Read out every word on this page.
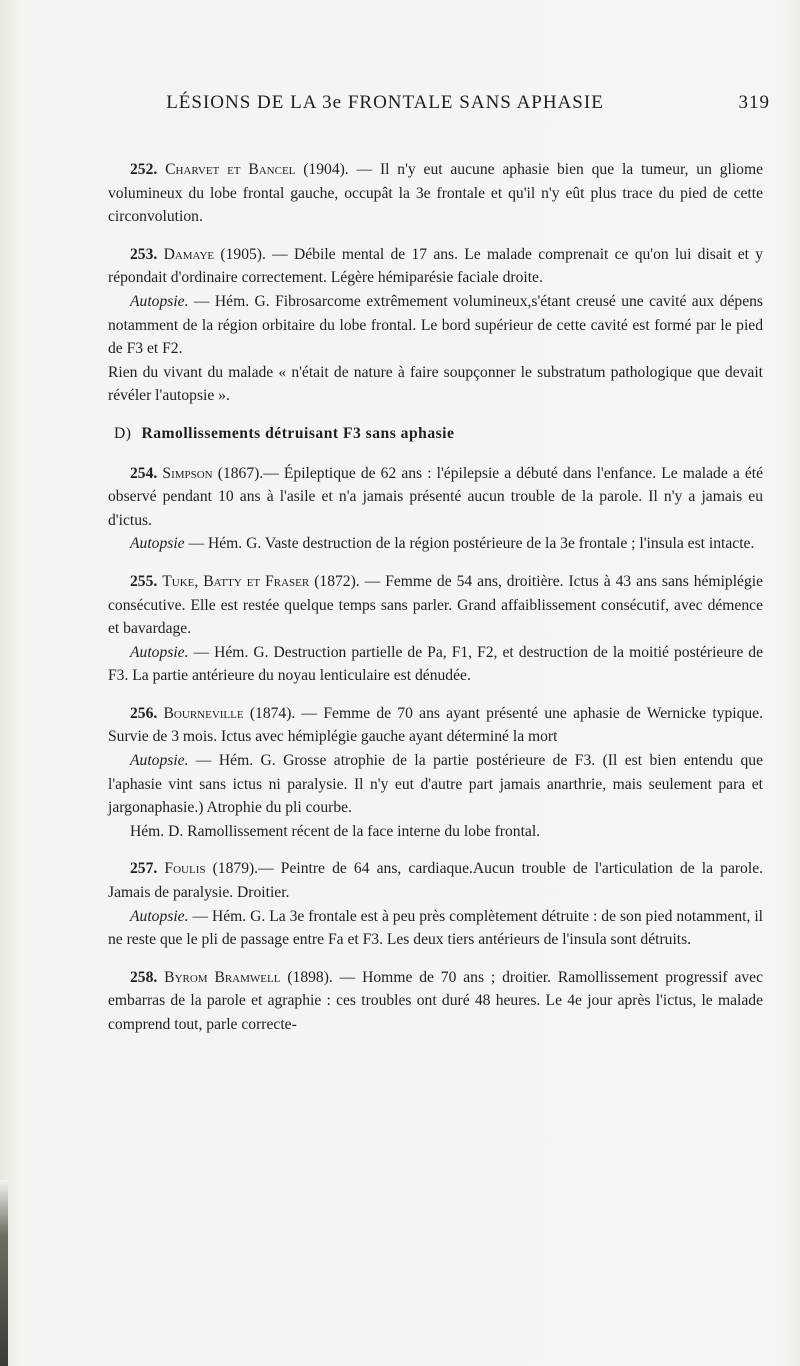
LÉSIONS DE LA 3e FRONTALE SANS APHASIE	319

252. Charvet et Bancel (1904). — Il n'y eut aucune aphasie bien que la tumeur, un gliome volumineux du lobe frontal gauche, occupât la 3e frontale et qu'il n'y eût plus trace du pied de cette circonvolution.

253. Damaye (1905). — Débile mental de 17 ans. Le malade comprenait ce qu'on lui disait et y répondait d'ordinaire correctement. Légère hémiparésie faciale droite.

Autopsie. — Hém. G. Fibrosarcome extrêmement volumineux,s'étant creusé une cavité aux dépens notamment de la région orbitaire du lobe frontal. Le bord supérieur de cette cavité est formé par le pied de F3 et F2.

Rien du vivant du malade « n'était de nature à faire soupçonner le substratum pathologique que devait révéler l'autopsie ».

D) Ramollissements détruisant F3 sans aphasie

254. Simpson (1867).— Épileptique de 62 ans : l'épilepsie a débuté dans l'enfance. Le malade a été observé pendant 10 ans à l'asile et n'a jamais présenté aucun trouble de la parole. Il n'y a jamais eu d'ictus.

Autopsie — Hém. G. Vaste destruction de la région postérieure de la 3e frontale ; l'insula est intacte.

255. Tuke, Batty et Fraser (1872). — Femme de 54 ans, droitière. Ictus à 43 ans sans hémiplégie consécutive. Elle est restée quelque temps sans parler. Grand affaiblissement consécutif, avec démence et bavardage.

Autopsie. — Hém. G. Destruction partielle de Pa, F1, F2, et destruction de la moitié postérieure de F3. La partie antérieure du noyau lenticulaire est dénudée.

256. Bourneville (1874). — Femme de 70 ans ayant présenté une aphasie de Wernicke typique. Survie de 3 mois. Ictus avec hémiplégie gauche ayant déterminé la mort

Autopsie. — Hém. G. Grosse atrophie de la partie postérieure de F3. (Il est bien entendu que l'aphasie vint sans ictus ni paralysie. Il n'y eut d'autre part jamais anarthrie, mais seulement para et jargonaphasie.) Atrophie du pli courbe.

Hém. D. Ramollissement récent de la face interne du lobe frontal.

257. Foulis (1879).— Peintre de 64 ans, cardiaque.Aucun trouble de l'articulation de la parole. Jamais de paralysie. Droitier.

Autopsie. — Hém. G. La 3e frontale est à peu près complètement détruite : de son pied notamment, il ne reste que le pli de passage entre Fa et F3. Les deux tiers antérieurs de l'insula sont détruits.

258. Byrom Bramwell (1898). — Homme de 70 ans ; droitier. Ramollissement progressif avec embarras de la parole et agraphie : ces troubles ont duré 48 heures. Le 4e jour après l'ictus, le malade comprend tout, parle correcte-
